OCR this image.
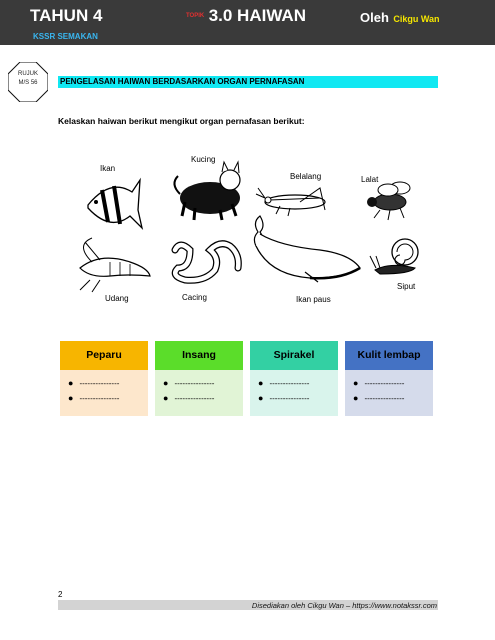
TAHUN 4	TOPIK 3.0 HAIWAN	Oleh Cikgu Wan
KSSR SEMAKAN
RUJUK
M/S 56	PENGELASAN HAIWAN BERDASARKAN ORGAN PERNAFASAN
Kelaskan haiwan berikut mengikut organ pernafasan berikut:
Ikan
Kucing
Belalang	Lalat
Udang	Cacing	Ikan paus
Siput
Peparu
● ---------------
● ---------------
Insang
● ---------------
● ---------------
Spirakel
● ---------------
● ---------------
Kulit lembap
● ---------------
● ---------------
2
Disediakan oleh Cikgu Wan – https://www.notakssr.com
